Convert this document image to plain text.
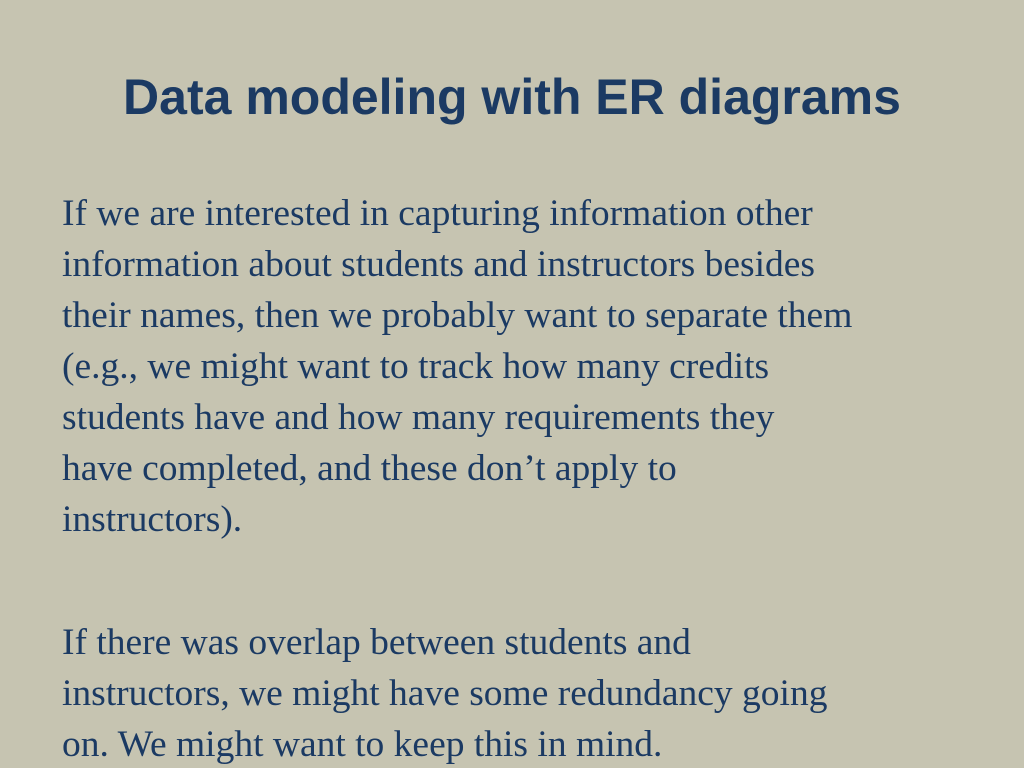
Data modeling with ER diagrams

If we are interested in capturing information other
information about students and instructors besides
their names, then we probably want to separate them
(e.g., we might want to track how many credits
students have and how many requirements they
have completed, and these don’t apply to
instructors).

If there was overlap between students and
instructors, we might have some redundancy going
on. We might want to keep this in mind.
